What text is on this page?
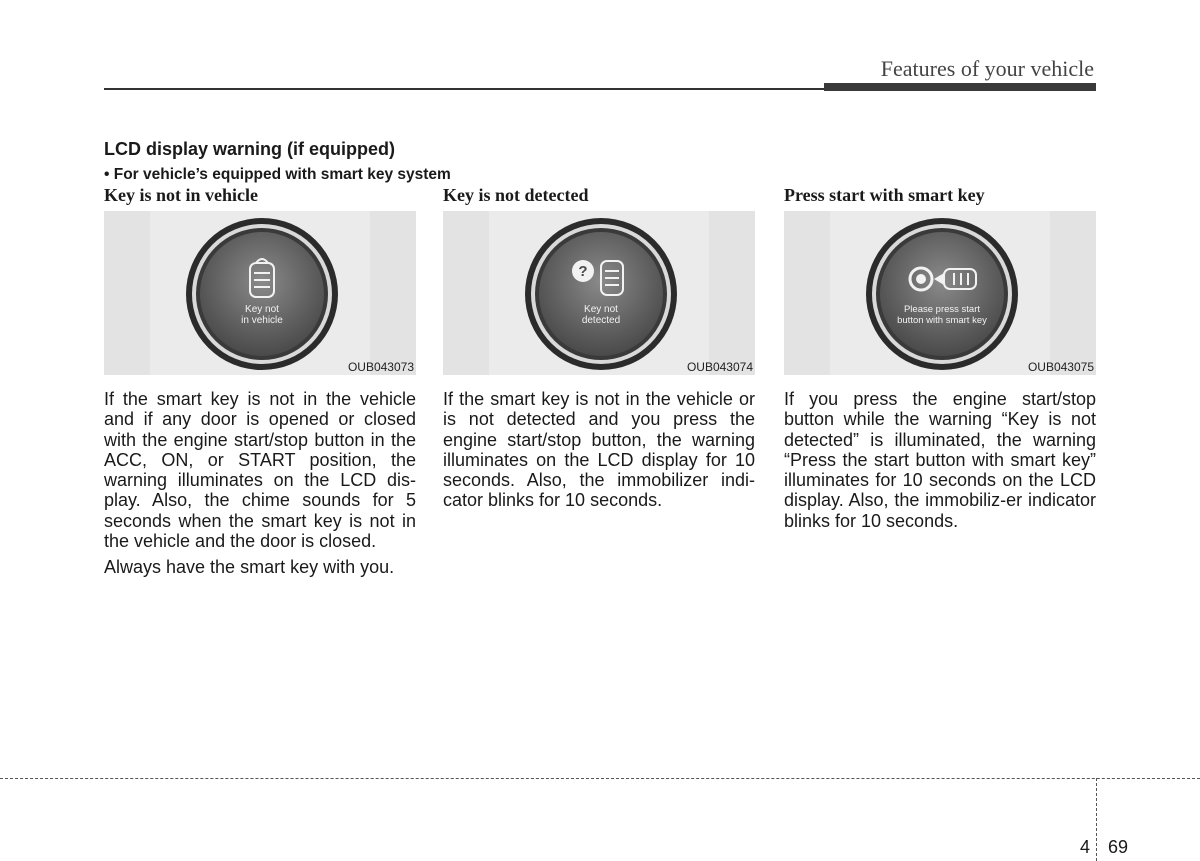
Features of your vehicle
LCD display warning (if equipped)
• For vehicle’s equipped with smart key system
Key is not in vehicle
Key not
in vehicle
OUB043073

If the smart key is not in the vehicle and if any door is opened or closed with the engine start/stop button in the ACC, ON, or START position, the warning illuminates on the LCD dis-play. Also, the chime sounds for 5 seconds when the smart key is not in the vehicle and the door is closed.

Always have the smart key with you.

Key is not detected
?
Key not
detected
OUB043074

If the smart key is not in the vehicle or is not detected and you press the engine start/stop button, the warning illuminates on the LCD display for 10 seconds. Also, the immobilizer indi-cator blinks for 10 seconds.

Press start with smart key
Please press start
button with smart key
OUB043075

If you press the engine start/stop button while the warning “Key is not detected” is illuminated, the warning “Press the start button with smart key” illuminates for 10 seconds on the LCD display. Also, the immobiliz-er indicator blinks for 10 seconds.

4 69
